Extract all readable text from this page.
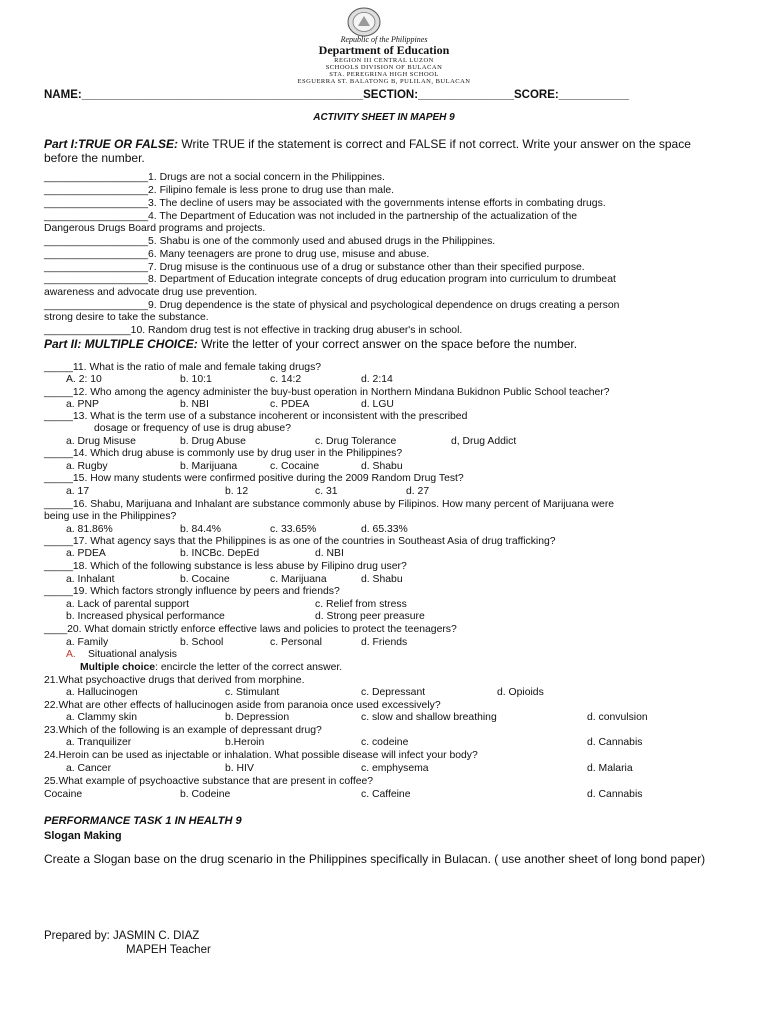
Republic of the Philippines
Department of Education
REGION III CENTRAL LUZON
SCHOOLS DIVISION OF BULACAN
STA. PEREGRINA HIGH SCHOOL
ESGUERRA ST. BALATONG B, PULILAN, BULACAN
NAME:____________________________________________SECTION:_______________SCORE:___________
ACTIVITY SHEET IN MAPEH 9
Part I:TRUE OR FALSE: Write TRUE if the statement is correct and FALSE if not correct. Write your answer on the space before the number.
__________________1. Drugs are not a social concern in the Philippines.
__________________2. Filipino female is less prone to drug use than male.
__________________3. The decline of users may be associated with the governments intense efforts in combating drugs.
__________________4. The Department of Education was not included in the partnership of the actualization of the
Dangerous Drugs Board programs and projects.
__________________5. Shabu is one of the commonly used and abused drugs in the Philippines.
__________________6. Many teenagers are prone to drug use, misuse and abuse.
__________________7. Drug misuse is the continuous use of a drug or substance other than their specified purpose.
__________________8. Department of Education integrate concepts of drug education program into curriculum to drumbeat
awareness and advocate drug use prevention.
__________________9. Drug dependence is the state of physical and psychological dependence on drugs creating a person
strong desire to take the substance.
_______________10. Random drug test is not effective in tracking drug abuser's in school.
Part II: MULTIPLE CHOICE: Write the letter of your correct answer on the space before the number.
_____11. What is the ratio of male and female taking drugs?
A. 2: 10	b. 10:1	c. 14:2	d. 2:14
_____12. Who among the agency administer the buy-bust operation in Northern Mindana Bukidnon Public School teacher?
a. PNP	b. NBI	c. PDEA	d. LGU
_____13. What is the term use of a substance incoherent or inconsistent with the prescribed
dosage or frequency of use is drug abuse?
a. Drug Misuse	b. Drug Abuse	c. Drug Tolerance	d, Drug Addict
_____14. Which drug abuse is commonly use by drug user in the Philippines?
a. Rugby	b. Marijuana	c. Cocaine	d. Shabu
_____15. How many students were confirmed positive during the 2009 Random Drug Test?
a. 17	b. 12	c. 31	d. 27
_____16. Shabu, Marijuana and Inhalant are substance commonly abuse by Filipinos. How many percent of Marijuana were
being use in the Philippines?
a. 81.86%	b. 84.4%	c. 33.65%	d. 65.33%
_____17. What agency says that the Philippines is as one of the countries in Southeast Asia of drug trafficking?
a. PDEA	b. INCBc. DepEd	d. NBI
_____18. Which of the following substance is less abuse by Filipino drug user?
a. Inhalant	b. Cocaine	c. Marijuana	d. Shabu
_____19. Which factors strongly influence by peers and friends?
a. Lack of parental support	c. Relief from stress
b. Increased physical performance	d. Strong peer preasure
____20. What domain strictly enforce effective laws and policies to protect the teenagers?
a. Family	b. School	c. Personal	d. Friends
A. Situational analysis
Multiple choice: encircle the letter of the correct answer.
21.What psychoactive drugs that derived from morphine.
a. Hallucinogen	c. Stimulant	c. Depressant	d. Opioids
22.What are other effects of hallucinogen aside from paranoia once used excessively?
a. Clammy skin	b. Depression	c. slow and shallow breathing	d. convulsion
23.Which of the following is an example of depressant drug?
a. Tranquilizer	b.Heroin	c. codeine	d. Cannabis
24.Heroin can be used as injectable or inhalation. What possible disease will infect your body?
a. Cancer	b. HIV	c. emphysema	d. Malaria
25.What example of psychoactive substance that are present in coffee?
Cocaine	b. Codeine	c. Caffeine	d. Cannabis
PERFORMANCE TASK 1 IN HEALTH 9
Slogan Making
Create a Slogan base on the drug scenario in the Philippines specifically in Bulacan. ( use another sheet of long bond paper)
Prepared by: JASMIN C. DIAZ
MAPEH Teacher
